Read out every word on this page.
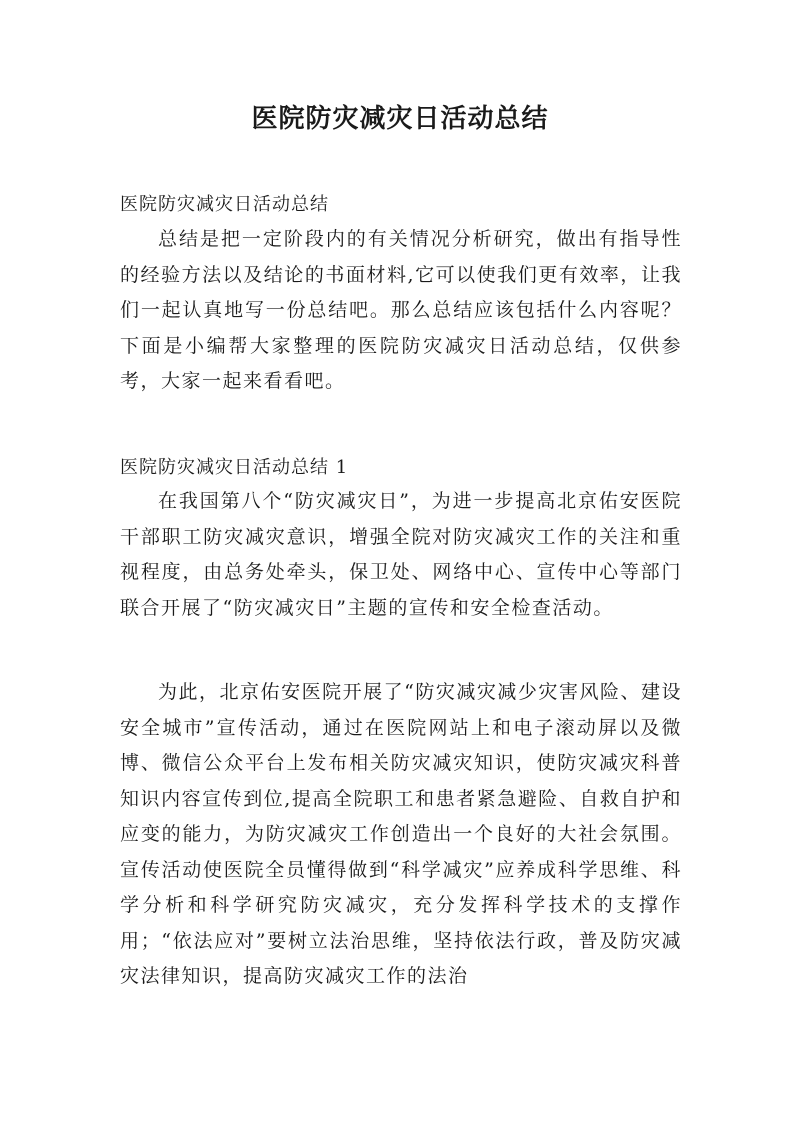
医院防灾减灾日活动总结

医院防灾减灾日活动总结

总结是把一定阶段内的有关情况分析研究，做出有指导性的经验方法以及结论的书面材料,它可以使我们更有效率，让我们一起认真地写一份总结吧。那么总结应该包括什么内容呢？下面是小编帮大家整理的医院防灾减灾日活动总结，仅供参考，大家一起来看看吧。

医院防灾减灾日活动总结 1

在我国第八个“防灾减灾日”，为进一步提高北京佑安医院干部职工防灾减灾意识，增强全院对防灾减灾工作的关注和重视程度，由总务处牵头，保卫处、网络中心、宣传中心等部门联合开展了“防灾减灾日”主题的宣传和安全检查活动。

为此，北京佑安医院开展了“防灾减灾减少灾害风险、建设安全城市”宣传活动，通过在医院网站上和电子滚动屏以及微博、微信公众平台上发布相关防灾减灾知识，使防灾减灾科普知识内容宣传到位,提高全院职工和患者紧急避险、自救自护和应变的能力，为防灾减灾工作创造出一个良好的大社会氛围。宣传活动使医院全员懂得做到“科学减灾”应养成科学思维、科学分析和科学研究防灾减灾，充分发挥科学技术的支撑作用；“依法应对”要树立法治思维，坚持依法行政，普及防灾减灾法律知识，提高防灾减灾工作的法治
